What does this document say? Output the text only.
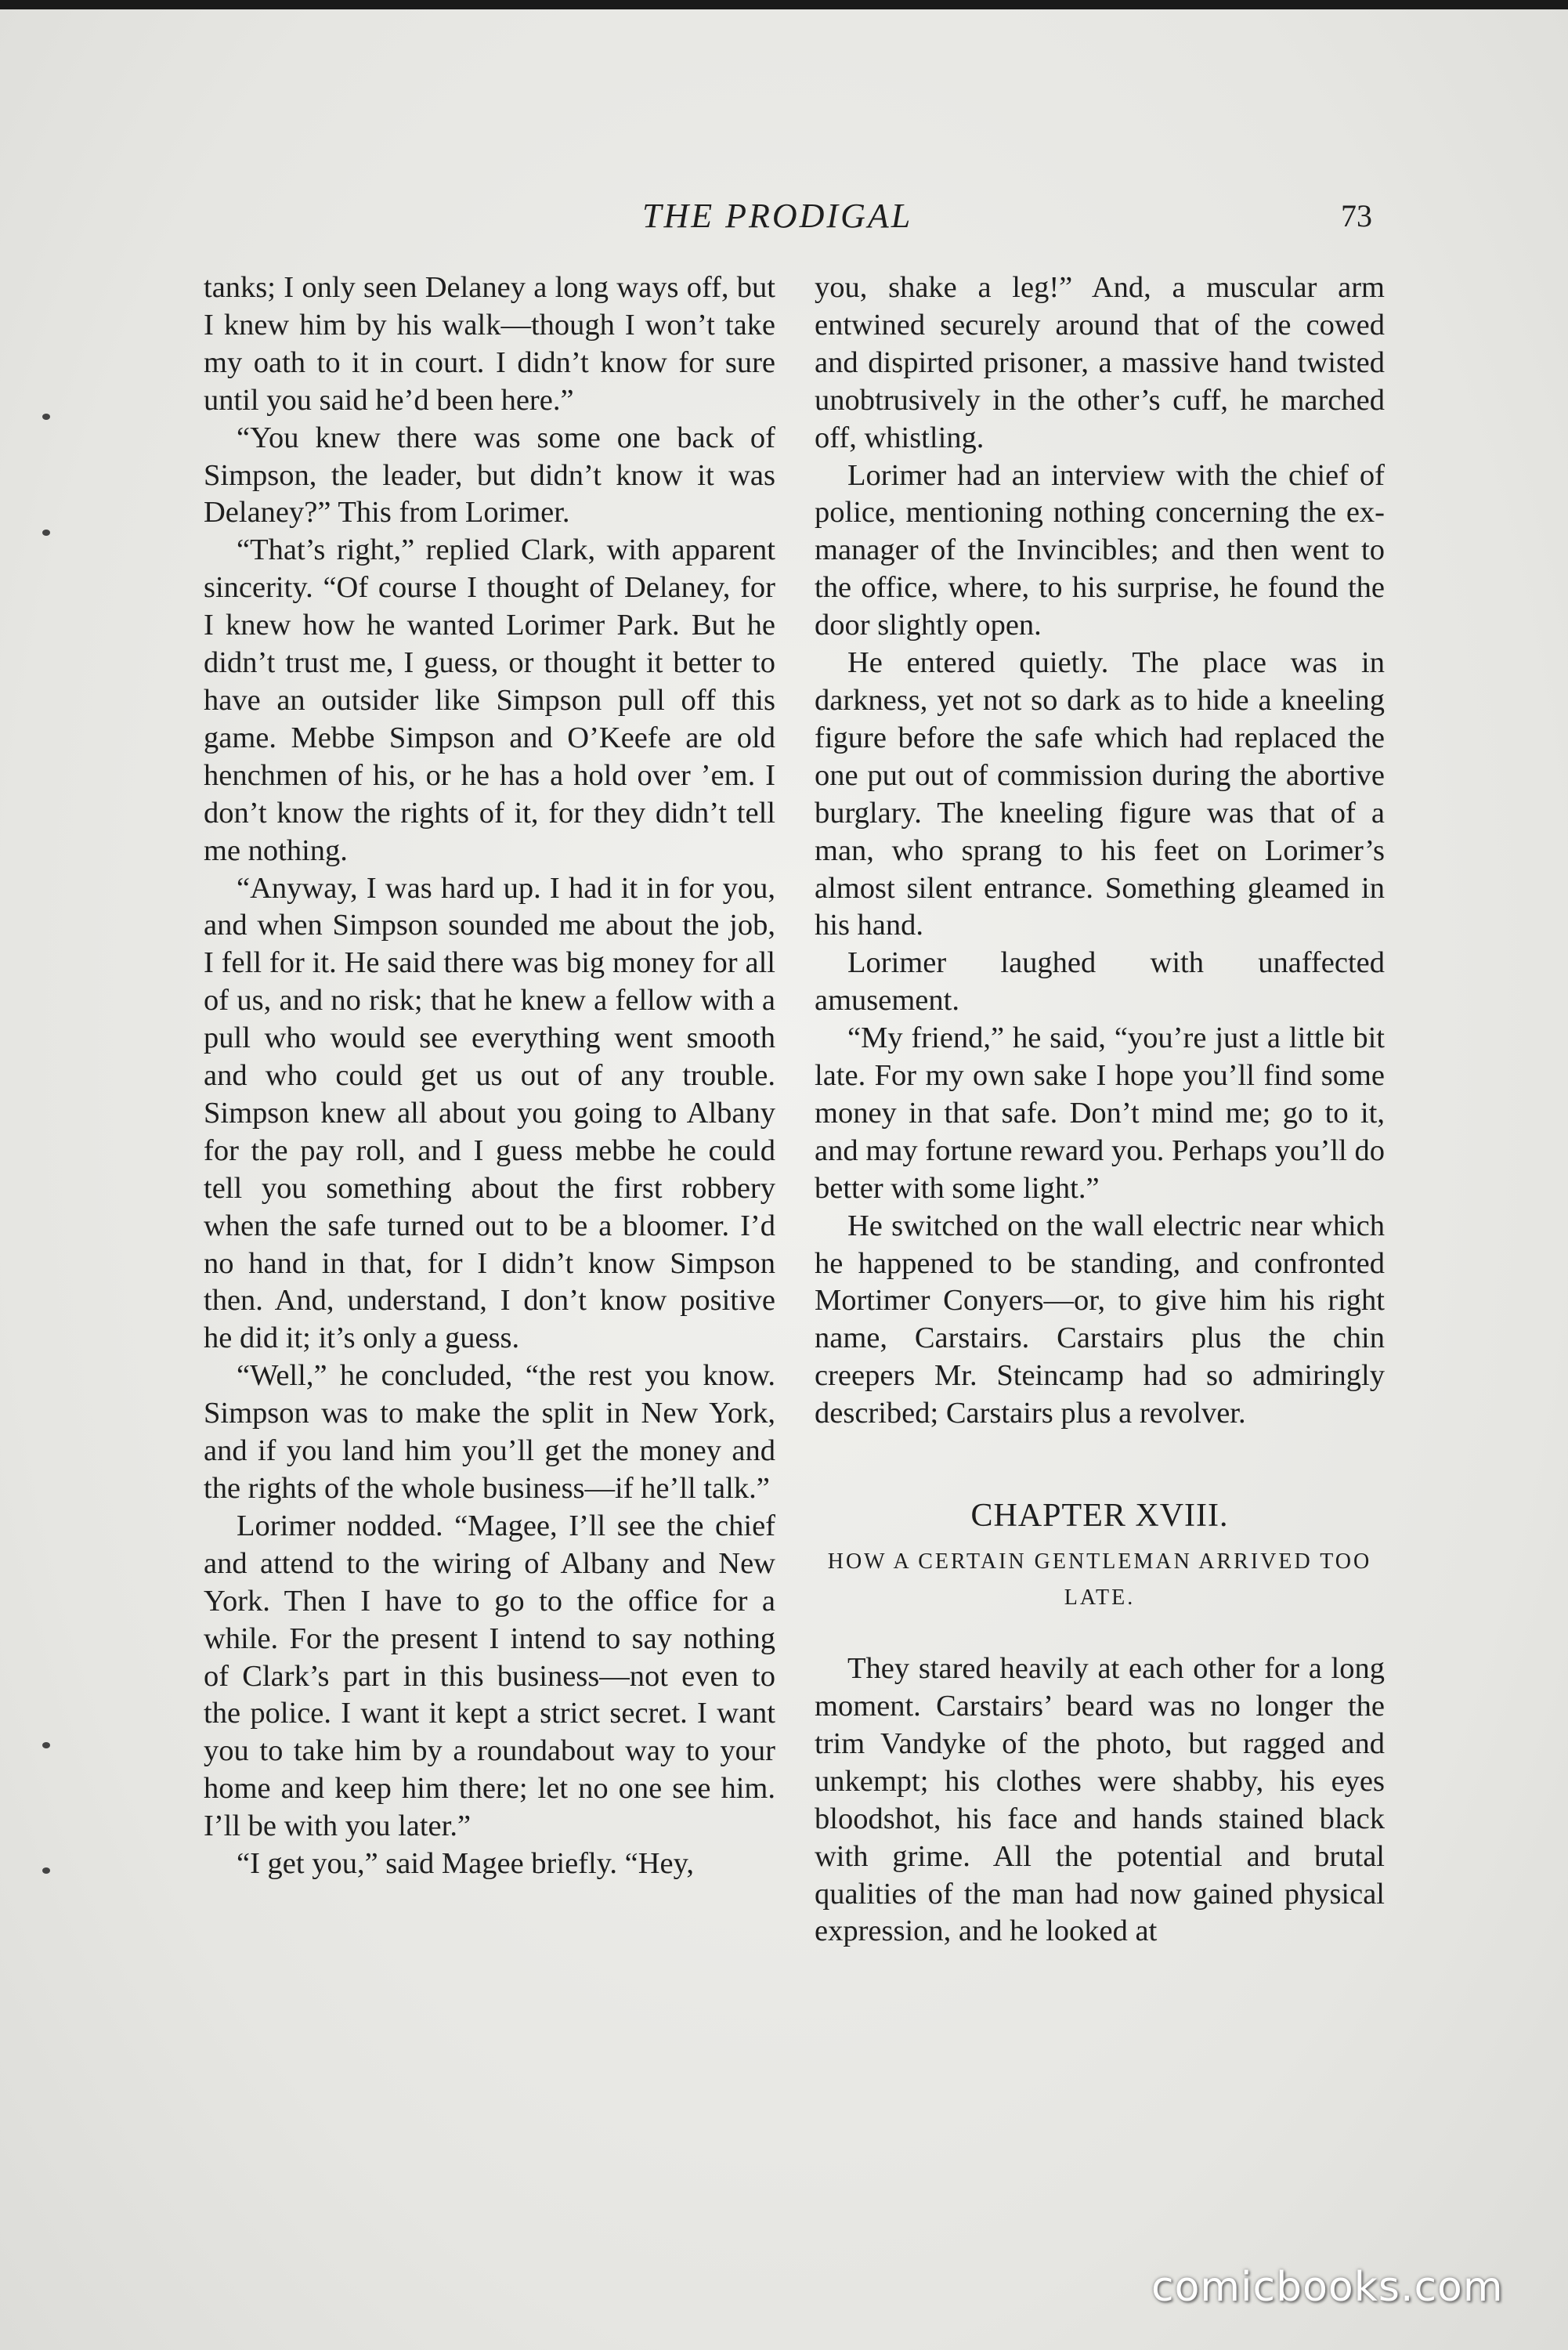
THE PRODIGAL	73

tanks; I only seen Delaney a long ways off, but I knew him by his walk—though I won’t take my oath to it in court. I didn’t know for sure until you said he’d been here.”

“You knew there was some one back of Simpson, the leader, but didn’t know it was Delaney?” This from Lorimer.

“That’s right,” replied Clark, with apparent sincerity. “Of course I thought of Delaney, for I knew how he wanted Lorimer Park. But he didn’t trust me, I guess, or thought it better to have an outsider like Simpson pull off this game. Mebbe Simpson and O’Keefe are old henchmen of his, or he has a hold over ’em. I don’t know the rights of it, for they didn’t tell me nothing.

“Anyway, I was hard up. I had it in for you, and when Simpson sounded me about the job, I fell for it. He said there was big money for all of us, and no risk; that he knew a fellow with a pull who would see everything went smooth and who could get us out of any trouble. Simpson knew all about you going to Albany for the pay roll, and I guess mebbe he could tell you something about the first robbery when the safe turned out to be a bloomer. I’d no hand in that, for I didn’t know Simpson then. And, understand, I don’t know positive he did it; it’s only a guess.

“Well,” he concluded, “the rest you know. Simpson was to make the split in New York, and if you land him you’ll get the money and the rights of the whole business—if he’ll talk.”

Lorimer nodded. “Magee, I’ll see the chief and attend to the wiring of Albany and New York. Then I have to go to the office for a while. For the present I intend to say nothing of Clark’s part in this business—not even to the police. I want it kept a strict secret. I want you to take him by a roundabout way to your home and keep him there; let no one see him. I’ll be with you later.”

“I get you,” said Magee briefly. “Hey,

you, shake a leg!” And, a muscular arm entwined securely around that of the cowed and dispirted prisoner, a massive hand twisted unobtrusively in the other’s cuff, he marched off, whistling.

Lorimer had an interview with the chief of police, mentioning nothing concerning the ex-manager of the Invincibles; and then went to the office, where, to his surprise, he found the door slightly open.

He entered quietly. The place was in darkness, yet not so dark as to hide a kneeling figure before the safe which had replaced the one put out of commission during the abortive burglary. The kneeling figure was that of a man, who sprang to his feet on Lorimer’s almost silent entrance. Something gleamed in his hand.

Lorimer laughed with unaffected amusement.

“My friend,” he said, “you’re just a little bit late. For my own sake I hope you’ll find some money in that safe. Don’t mind me; go to it, and may fortune reward you. Perhaps you’ll do better with some light.”

He switched on the wall electric near which he happened to be standing, and confronted Mortimer Conyers—or, to give him his right name, Carstairs. Carstairs plus the chin creepers Mr. Steincamp had so admiringly described; Carstairs plus a revolver.

CHAPTER XVIII.
HOW A CERTAIN GENTLEMAN ARRIVED TOO LATE.

They stared heavily at each other for a long moment. Carstairs’ beard was no longer the trim Vandyke of the photo, but ragged and unkempt; his clothes were shabby, his eyes bloodshot, his face and hands stained black with grime. All the potential and brutal qualities of the man had now gained physical expression, and he looked at

comicbooks.com
